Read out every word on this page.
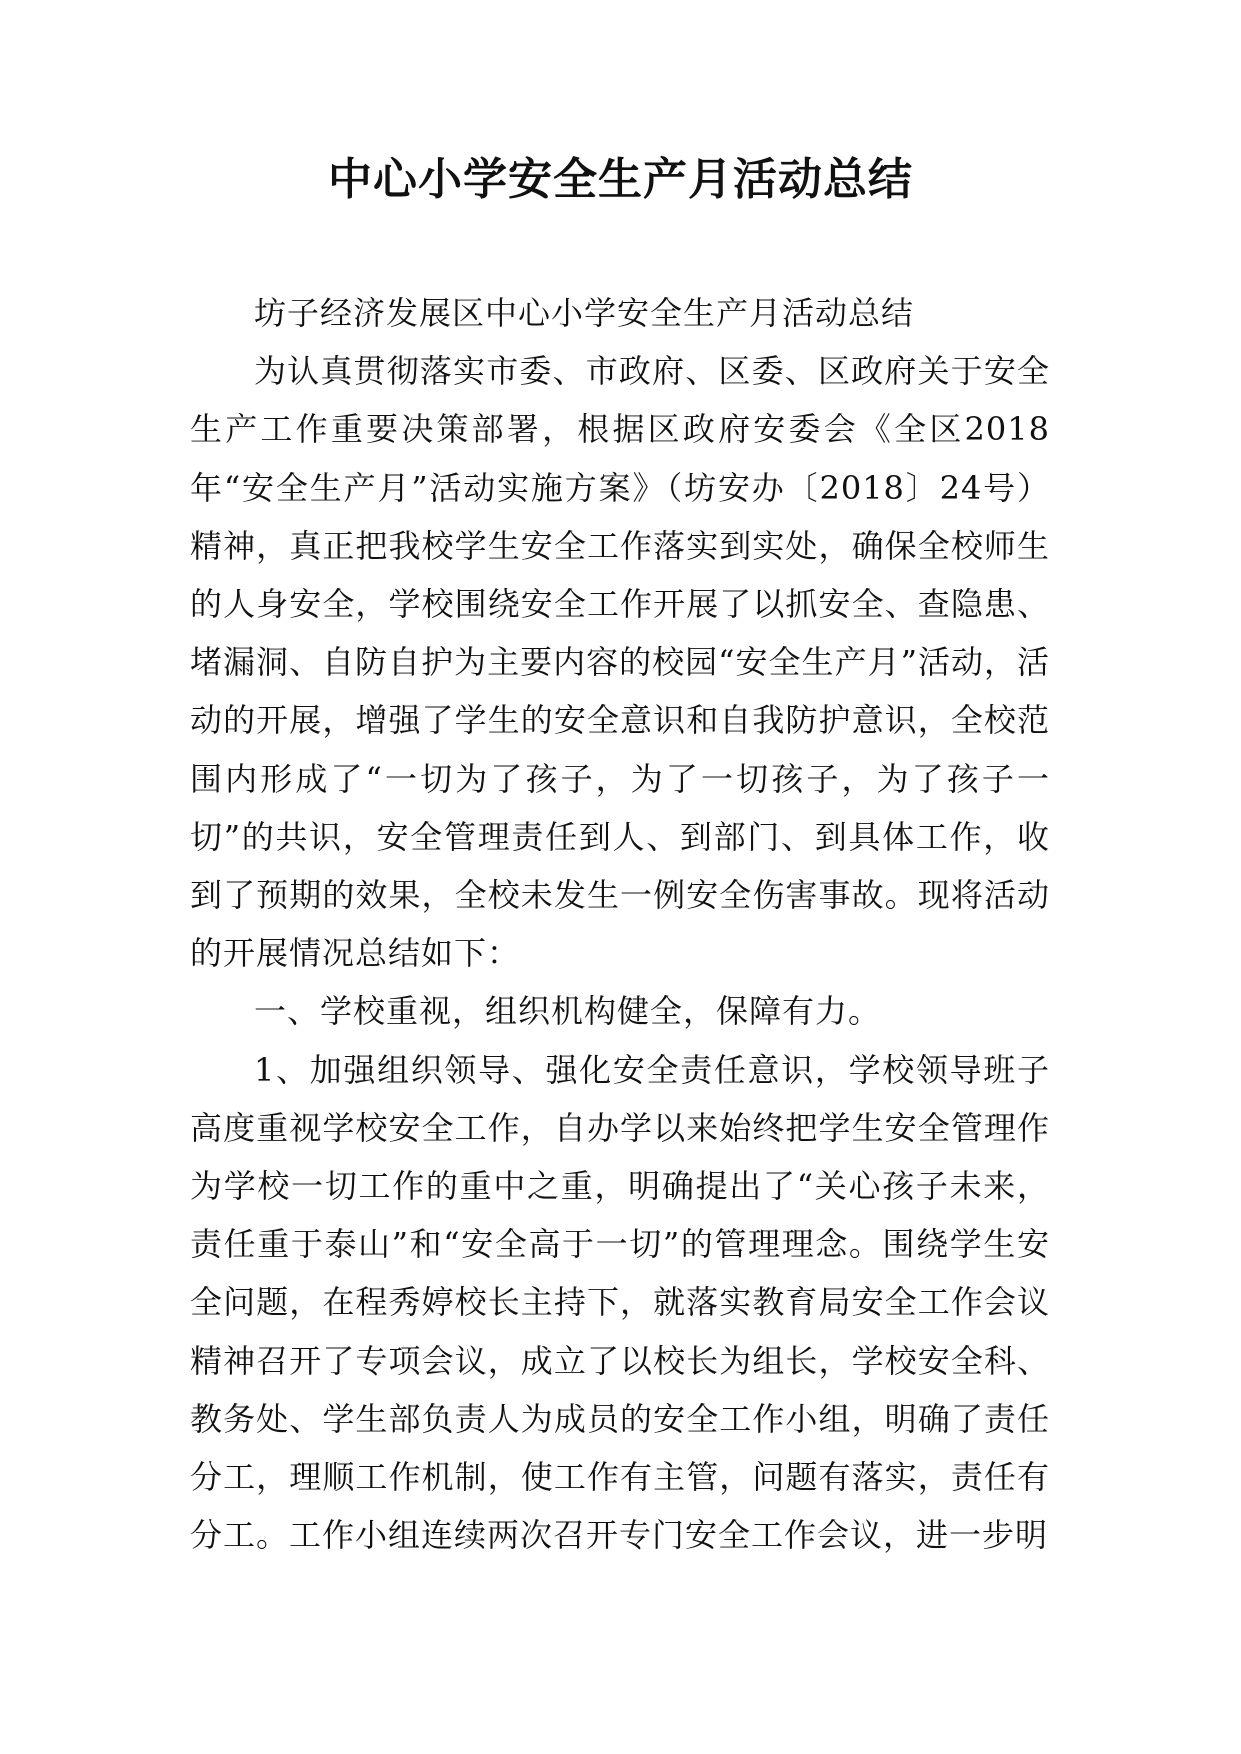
中心小学安全生产月活动总结

坊子经济发展区中心小学安全生产月活动总结

为认真贯彻落实市委、市政府、区委、区政府关于安全生产工作重要决策部署，根据区政府安委会《全区2018年“安全生产月”活动实施方案》（坊安办〔2018〕24号）精神，真正把我校学生安全工作落实到实处，确保全校师生的人身安全，学校围绕安全工作开展了以抓安全、查隐患、堵漏洞、自防自护为主要内容的校园“安全生产月”活动，活动的开展，增强了学生的安全意识和自我防护意识，全校范围内形成了“一切为了孩子，为了一切孩子，为了孩子一切”的共识，安全管理责任到人、到部门、到具体工作，收到了预期的效果，全校未发生一例安全伤害事故。现将活动的开展情况总结如下：

一、学校重视，组织机构健全，保障有力。

1、加强组织领导、强化安全责任意识，学校领导班子高度重视学校安全工作，自办学以来始终把学生安全管理作为学校一切工作的重中之重，明确提出了“关心孩子未来，责任重于泰山”和“安全高于一切”的管理理念。围绕学生安全问题，在程秀婷校长主持下，就落实教育局安全工作会议精神召开了专项会议，成立了以校长为组长，学校安全科、教务处、学生部负责人为成员的安全工作小组，明确了责任分工，理顺工作机制，使工作有主管，问题有落实，责任有分工。工作小组连续两次召开专门安全工作会议，进一步明
